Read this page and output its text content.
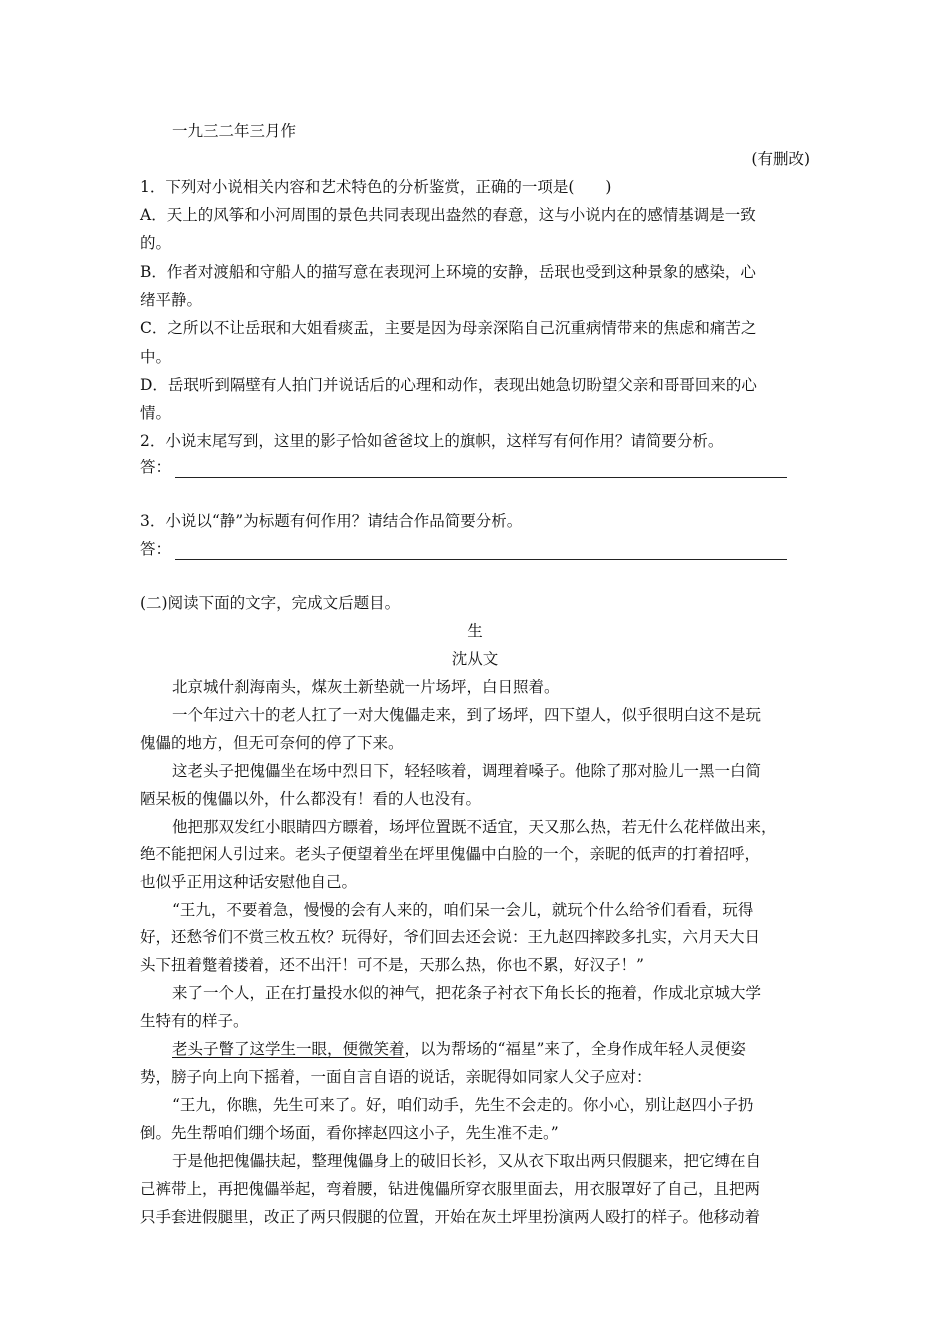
一九三二年三月作
(有删改)
1．下列对小说相关内容和艺术特色的分析鉴赏，正确的一项是(　　)
A．天上的风筝和小河周围的景色共同表现出盎然的春意，这与小说内在的感情基调是一致
的。
B．作者对渡船和守船人的描写意在表现河上环境的安静，岳珉也受到这种景象的感染，心
绪平静。
C．之所以不让岳珉和大姐看痰盂，主要是因为母亲深陷自己沉重病情带来的焦虑和痛苦之
中。
D．岳珉听到隔壁有人拍门并说话后的心理和动作，表现出她急切盼望父亲和哥哥回来的心
情。
2．小说末尾写到，这里的影子恰如爸爸坟上的旗帜，这样写有何作用？请简要分析。
答：
3．小说以“静”为标题有何作用？请结合作品简要分析。
答：
(二)阅读下面的文字，完成文后题目。
生
沈从文
北京城什刹海南头，煤灰土新垫就一片场坪，白日照着。
一个年过六十的老人扛了一对大傀儡走来，到了场坪，四下望人，似乎很明白这不是玩
傀儡的地方，但无可奈何的停了下来。
这老头子把傀儡坐在场中烈日下，轻轻咳着，调理着嗓子。他除了那对脸儿一黑一白简
陋呆板的傀儡以外，什么都没有！看的人也没有。
他把那双发红小眼睛四方瞟着，场坪位置既不适宜，天又那么热，若无什么花样做出来，
绝不能把闲人引过来。老头子便望着坐在坪里傀儡中白脸的一个，亲昵的低声的打着招呼，
也似乎正用这种话安慰他自己。
“王九，不要着急，慢慢的会有人来的，咱们呆一会儿，就玩个什么给爷们看看，玩得
好，还愁爷们不赏三枚五枚？玩得好，爷们回去还会说：王九赵四摔跤多扎实，六月天大日
头下扭着蹩着搂着，还不出汗！可不是，天那么热，你也不累，好汉子！”
来了一个人，正在打量投水似的神气，把花条子衬衣下角长长的拖着，作成北京城大学
生特有的样子。
老头子瞥了这学生一眼，便微笑着，以为帮场的“福星”来了，全身作成年轻人灵便姿
势，膀子向上向下摇着，一面自言自语的说话，亲昵得如同家人父子应对：
“王九，你瞧，先生可来了。好，咱们动手，先生不会走的。你小心，别让赵四小子扔
倒。先生帮咱们绷个场面，看你摔赵四这小子，先生准不走。”
于是他把傀儡扶起，整理傀儡身上的破旧长衫，又从衣下取出两只假腿来，把它缚在自
己裤带上，再把傀儡举起，弯着腰，钻进傀儡所穿衣服里面去，用衣服罩好了自己，且把两
只手套进假腿里，改正了两只假腿的位置，开始在灰土坪里扮演两人殴打的样子。他移动着
